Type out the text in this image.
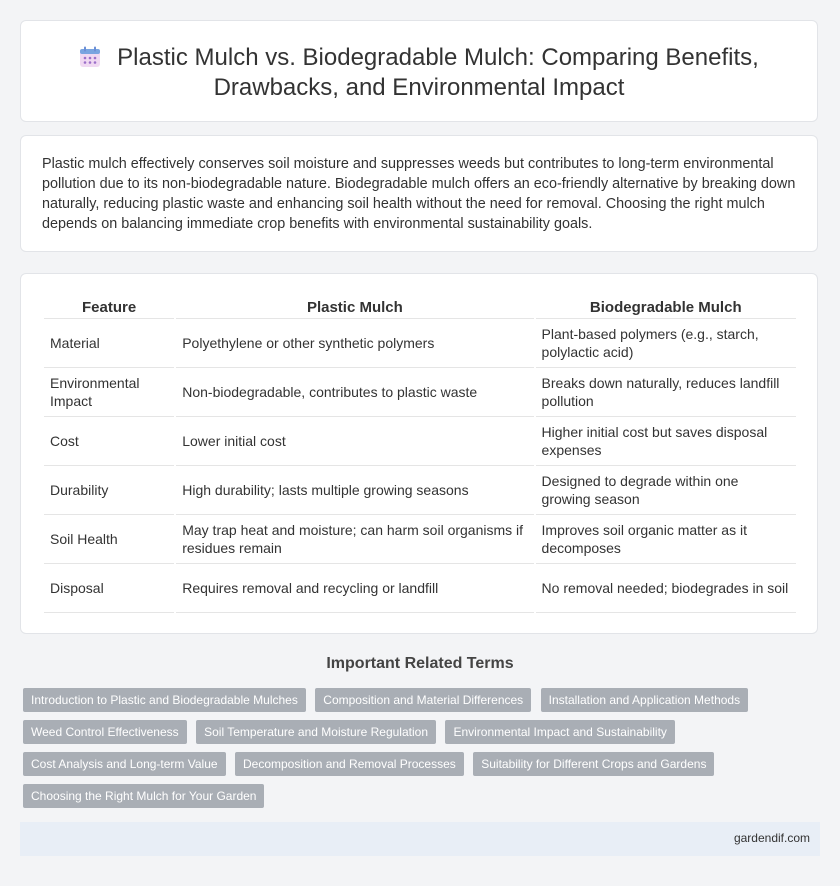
Plastic Mulch vs. Biodegradable Mulch: Comparing Benefits, Drawbacks, and Environmental Impact

Plastic mulch effectively conserves soil moisture and suppresses weeds but contributes to long-term environmental pollution due to its non-biodegradable nature. Biodegradable mulch offers an eco-friendly alternative by breaking down naturally, reducing plastic waste and enhancing soil health without the need for removal. Choosing the right mulch depends on balancing immediate crop benefits with environmental sustainability goals.

Feature	Plastic Mulch	Biodegradable Mulch
Material	Polyethylene or other synthetic polymers	Plant-based polymers (e.g., starch, polylactic acid)
Environmental Impact	Non-biodegradable, contributes to plastic waste	Breaks down naturally, reduces landfill pollution
Cost	Lower initial cost	Higher initial cost but saves disposal expenses
Durability	High durability; lasts multiple growing seasons	Designed to degrade within one growing season
Soil Health	May trap heat and moisture; can harm soil organisms if residues remain	Improves soil organic matter as it decomposes
Disposal	Requires removal and recycling or landfill	No removal needed; biodegrades in soil
Important Related Terms
Introduction to Plastic and Biodegradable Mulches Composition and Material Differences Installation and Application Methods Weed Control Effectiveness Soil Temperature and Moisture Regulation Environmental Impact and Sustainability Cost Analysis and Long-term Value Decomposition and Removal Processes Suitability for Different Crops and Gardens Choosing the Right Mulch for Your Garden
gardendif.com
